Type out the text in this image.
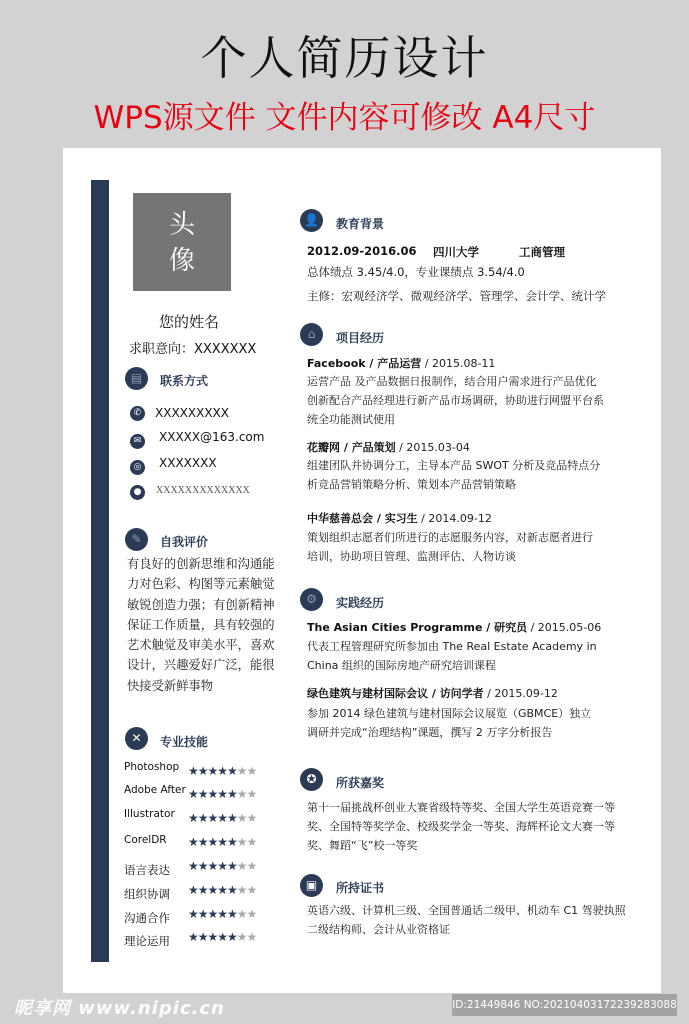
个人简历设计
WPS源文件 文件内容可修改 A4尺寸
头
像
您的姓名
求职意向：XXXXXXX
▤	联系方式
✆	XXXXXXXXX
✉	XXXXX@163.com
◎ XXXXXXX
●	XXXXXXXXXXXXX
✎	自我评价
有良好的创新思维和沟通能力对色彩、构图等元素触觉敏锐创造力强；有创新精神保证工作质量，具有较强的艺术触觉及审美水平，喜欢设计，兴趣爱好广泛，能很快接受新鲜事物
✕	专业技能
Photoshop ★★★★★★★
Adobe After ★★★★★★★
Illustrator ★★★★★★★
CorelDR ★★★★★★★
语言表达 ★★★★★★★
组织协调 ★★★★★★★
沟通合作 ★★★★★★★
理论运用 ★★★★★★★
👤	教育背景
2012.09-2016.06 四川大学	工商管理
总体绩点 3.45/4.0，专业课绩点 3.54/4.0
主修：宏观经济学、微观经济学、管理学、会计学、统计学
⌂	项目经历
Facebook / 产品运营 / 2015.08-11
运营产品 及产品数据日报制作，结合用户需求进行产品优化
创新配合产品经理进行新产品市场调研，协助进行网盟平台系
统全功能测试使用
花瓣网 / 产品策划 / 2015.03-04
组建团队并协调分工，主导本产品 SWOT 分析及竞品特点分
析竞品营销策略分析、策划本产品营销策略
中华慈善总会 / 实习生 / 2014.09-12
策划组织志愿者们所进行的志愿服务内容，对新志愿者进行
培训，协助项目管理、监测评估、人物访谈
⚙	实践经历
The Asian Cities Programme / 研究员 / 2015.05-06
代表工程管理研究所参加由 The Real Estate Academy in
China 组织的国际房地产研究培训课程
绿色建筑与建材国际会议 / 访问学者 / 2015.09-12
参加 2014 绿色建筑与建材国际会议展览（GBMCE）独立
调研并完成“治理结构”课题，撰写 2 万字分析报告
✪	所获嘉奖
第十一届挑战杯创业大赛省级特等奖、全国大学生英语竞赛一等
奖、全国特等奖学金、校级奖学金一等奖、海辉杯论文大赛一等
奖、舞蹈“飞”校一等奖
▣	所持证书
英语六级、计算机三级、全国普通话二级甲、机动车 C1 驾驶执照
二级结构师、会计从业资格证
昵享网 www.nipic.cn	ID:21449846 NO:20210403172239283088
